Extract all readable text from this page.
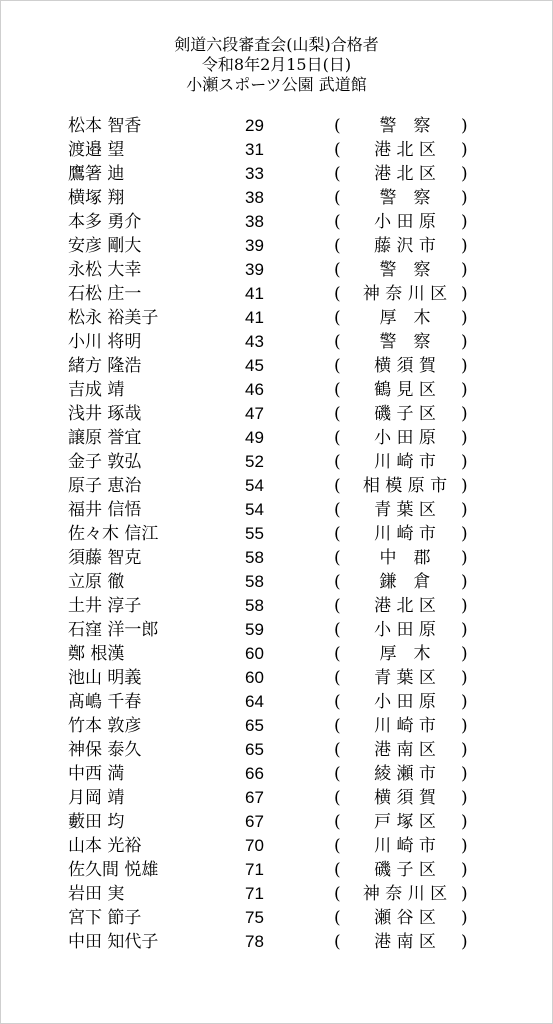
剣道六段審査会(山梨)合格者
令和8年2月15日(日)
小瀬スポーツ公園 武道館
松本 智香	29	(	警　察	)
渡邉 望	31	(	港 北 区	)
鷹箸 迪	33	(	港 北 区	)
横塚 翔	38	(	警　察	)
本多 勇介	38	(	小 田 原	)
安彦 剛大	39	(	藤 沢 市	)
永松 大幸	39	(	警　察	)
石松 庄一	41	(	神 奈 川 区 )
松永 裕美子	41	(	厚　木	)
小川 将明	43	(	警　察	)
緒方 隆浩	45	(	横 須 賀	)
吉成 靖	46	(	鶴 見 区	)
浅井 琢哉	47	(	磯 子 区	)
譲原 誉宜	49	(	小 田 原	)
金子 敦弘	52	(	川 崎 市	)
原子 恵治	54	(	相 模 原 市 )
福井 信悟	54	(	青 葉 区	)
佐々木 信江	55	(	川 崎 市	)
須藤 智克	58	(	中　郡	)
立原 徹	58	(	鎌　倉	)
土井 淳子	58	(	港 北 区	)
石窪 洋一郎	59	(	小 田 原	)
鄭 根漢	60	(	厚　木	)
池山 明義	60	(	青 葉 区	)
髙嶋 千春	64	(	小 田 原	)
竹本 敦彦	65	(	川 崎 市	)
神保 泰久	65	(	港 南 区	)
中西 満	66	(	綾 瀬 市	)
月岡 靖	67	(	横 須 賀	)
藪田 均	67	(	戸 塚 区	)
山本 光裕	70	(	川 崎 市	)
佐久間 悦雄	71	(	磯 子 区	)
岩田 実	71	(	神 奈 川 区 )
宮下 節子	75	(	瀬 谷 区	)
中田 知代子	78	(	港 南 区	)
